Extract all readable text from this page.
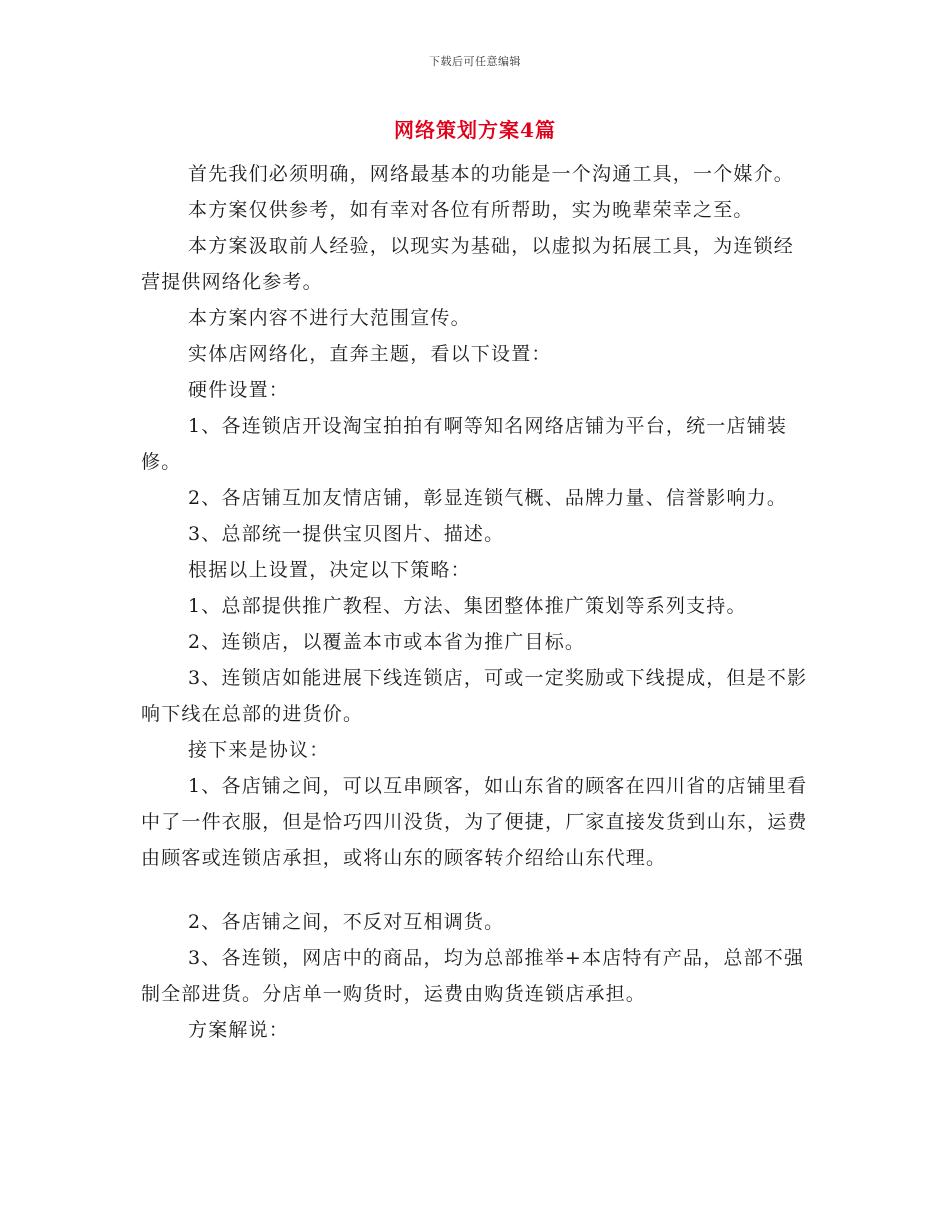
下载后可任意编辑
网络策划方案4篇

首先我们必须明确，网络最基本的功能是一个沟通工具，一个媒介。

本方案仅供参考，如有幸对各位有所帮助，实为晚辈荣幸之至。

本方案汲取前人经验，以现实为基础，以虚拟为拓展工具，为连锁经营提供网络化参考。

本方案内容不进行大范围宣传。

实体店网络化，直奔主题，看以下设置：

硬件设置：

1、各连锁店开设淘宝拍拍有啊等知名网络店铺为平台，统一店铺装修。

2、各店铺互加友情店铺，彰显连锁气概、品牌力量、信誉影响力。

3、总部统一提供宝贝图片、描述。

根据以上设置，决定以下策略：

1、总部提供推广教程、方法、集团整体推广策划等系列支持。

2、连锁店，以覆盖本市或本省为推广目标。

3、连锁店如能进展下线连锁店，可或一定奖励或下线提成，但是不影响下线在总部的进货价。

接下来是协议：

1、各店铺之间，可以互串顾客，如山东省的顾客在四川省的店铺里看中了一件衣服，但是恰巧四川没货，为了便捷，厂家直接发货到山东，运费由顾客或连锁店承担，或将山东的顾客转介绍给山东代理。

2、各店铺之间，不反对互相调货。

3、各连锁，网店中的商品，均为总部推举+本店特有产品，总部不强制全部进货。分店单一购货时，运费由购货连锁店承担。

方案解说：
